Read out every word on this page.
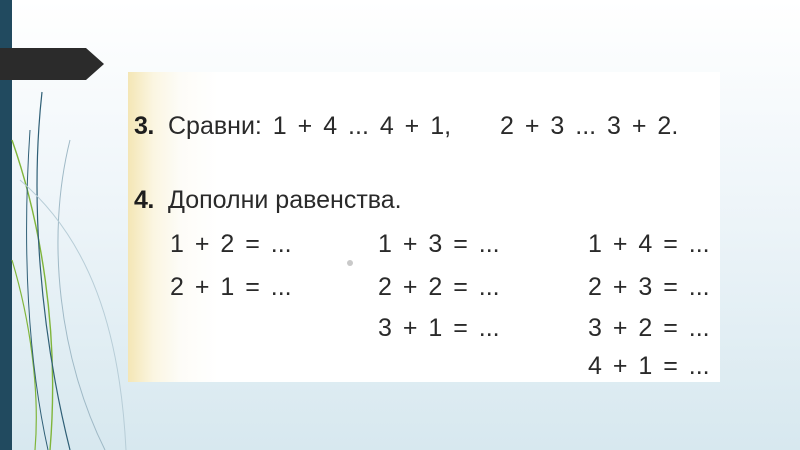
3. Сравни: 1 + 4 ... 4 + 1, 2 + 3 ... 3 + 2.
4. Дополни равенства.
1 + 2 = ...
2 + 1 = ...
1 + 3 = ...
2 + 2 = ...
3 + 1 = ...
1 + 4 = ...
2 + 3 = ...
3 + 2 = ...
4 + 1 = ...
